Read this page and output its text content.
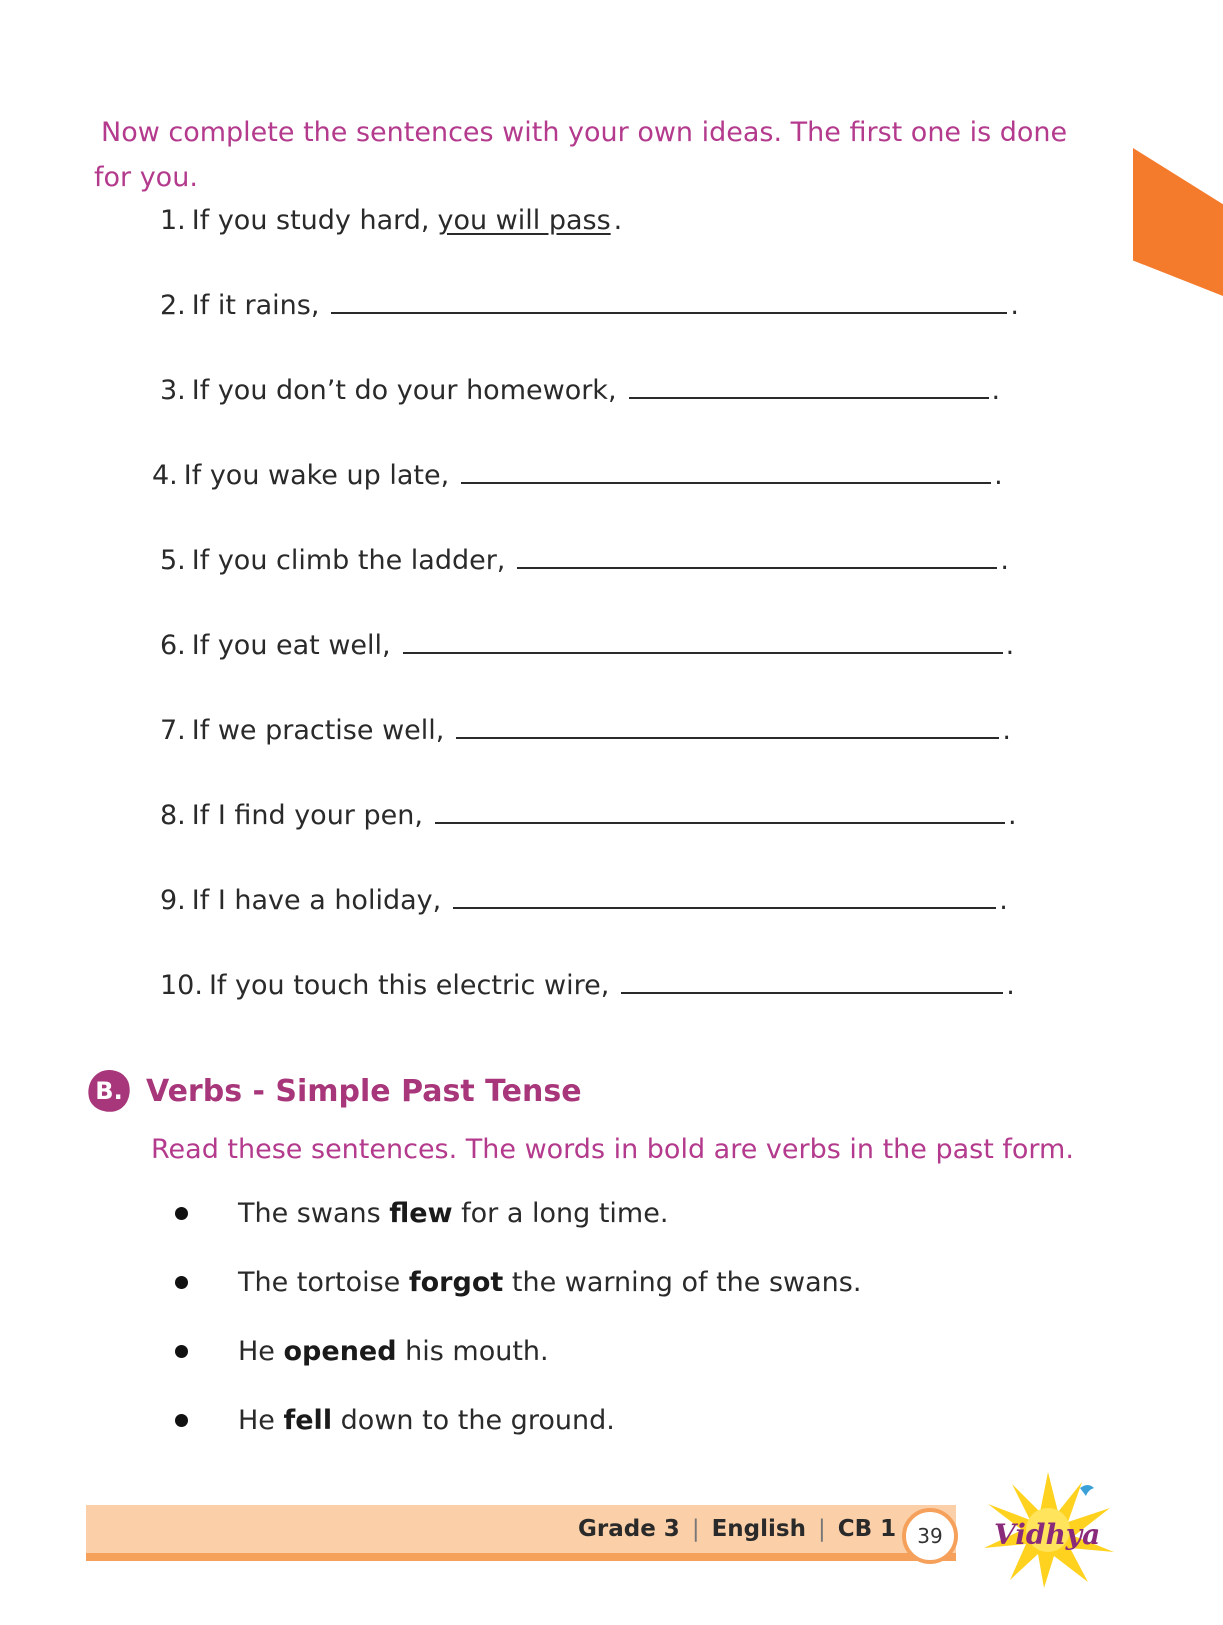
Now complete the sentences with your own ideas. The first one is done
for you.
1. If you study hard, you will pass .
2. If it rains,	.
3. If you don’t do your homework,	.
4. If you wake up late,	.
5. If you climb the ladder,	.
6. If you eat well,	.
7. If we practise well,	.
8. If I find your pen,	.
9. If I have a holiday,	.
10. If you touch this electric wire,	.
B. Verbs - Simple Past Tense
Read these sentences. The words in bold are verbs in the past form.
The swans flew for a long time.
The tortoise forgot the warning of the swans.
He opened his mouth.
He fell down to the ground.
Grade 3 | English | CB 1	39	Vidhya
